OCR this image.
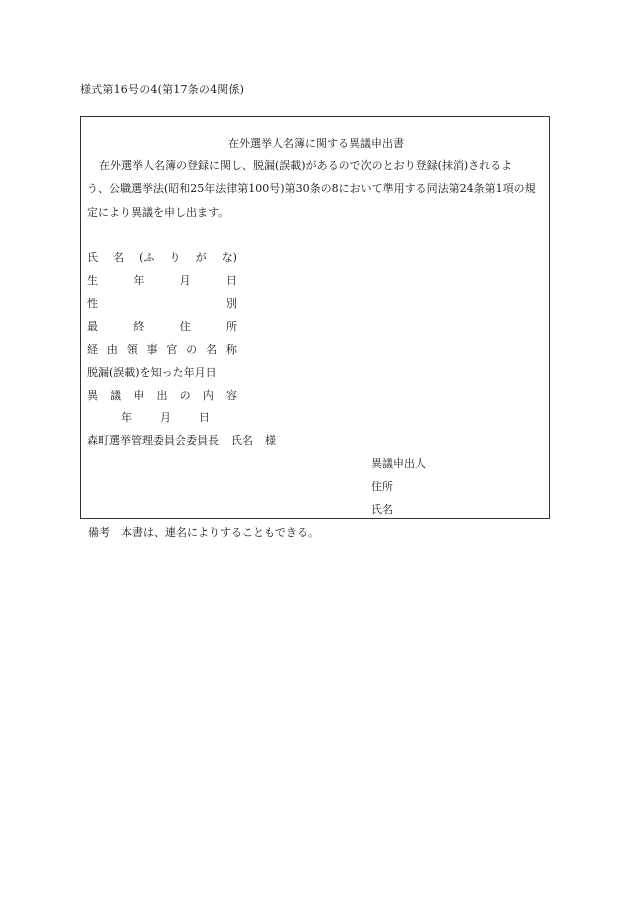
様式第16号の4(第17条の4関係)
在外選挙人名簿に関する異議申出書
在外選挙人名簿の登録に関し、脱漏(誤載)があるので次のとおり登録(抹消)されるよ
う、公職選挙法(昭和25年法律第100号)第30条の8において準用する同法第24条第1項の規
定により異議を申し出ます。
氏 名 (ふ り が な)
生	年	月	日
性	別
最	終	住	所
経 由 領 事 官 の 名 称
脱漏(誤載)を知った年月日
異 議 申 出 の 内 容
年	月	日
森町選挙管理委員会委員長 氏名 様
異議申出人
住所
氏名
備考　本書は、連名によりすることもできる。
